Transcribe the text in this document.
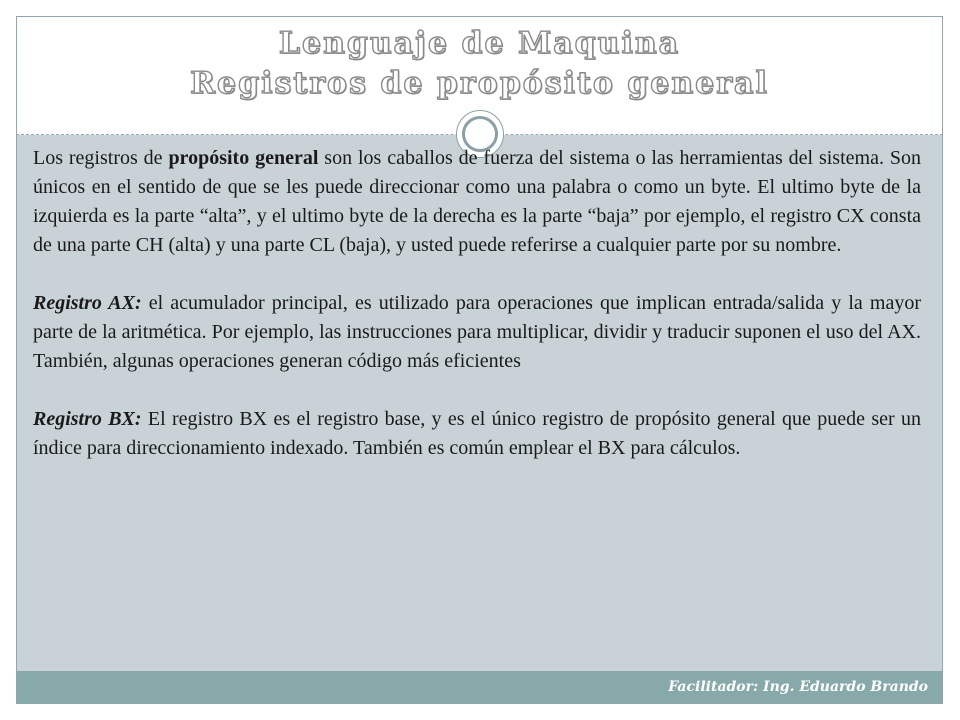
Lenguaje de Maquina
Registros de propósito general

Los registros de propósito general son los caballos de fuerza del sistema o las herramientas del sistema. Son únicos en el sentido de que se les puede direccionar como una palabra o como un byte. El ultimo byte de la izquierda es la parte “alta”, y el ultimo byte de la derecha es la parte “baja” por ejemplo, el registro CX consta de una parte CH (alta) y una parte CL (baja), y usted puede referirse a cualquier parte por su nombre.

Registro AX: el acumulador principal, es utilizado para operaciones que implican entrada/salida y la mayor parte de la aritmética. Por ejemplo, las instrucciones para multiplicar, dividir y traducir suponen el uso del AX. También, algunas operaciones generan código más eficientes

Registro BX: El registro BX es el registro base, y es el único registro de propósito general que puede ser un índice para direccionamiento indexado. También es común emplear el BX para cálculos.

Facilitador: Ing. Eduardo Brando
